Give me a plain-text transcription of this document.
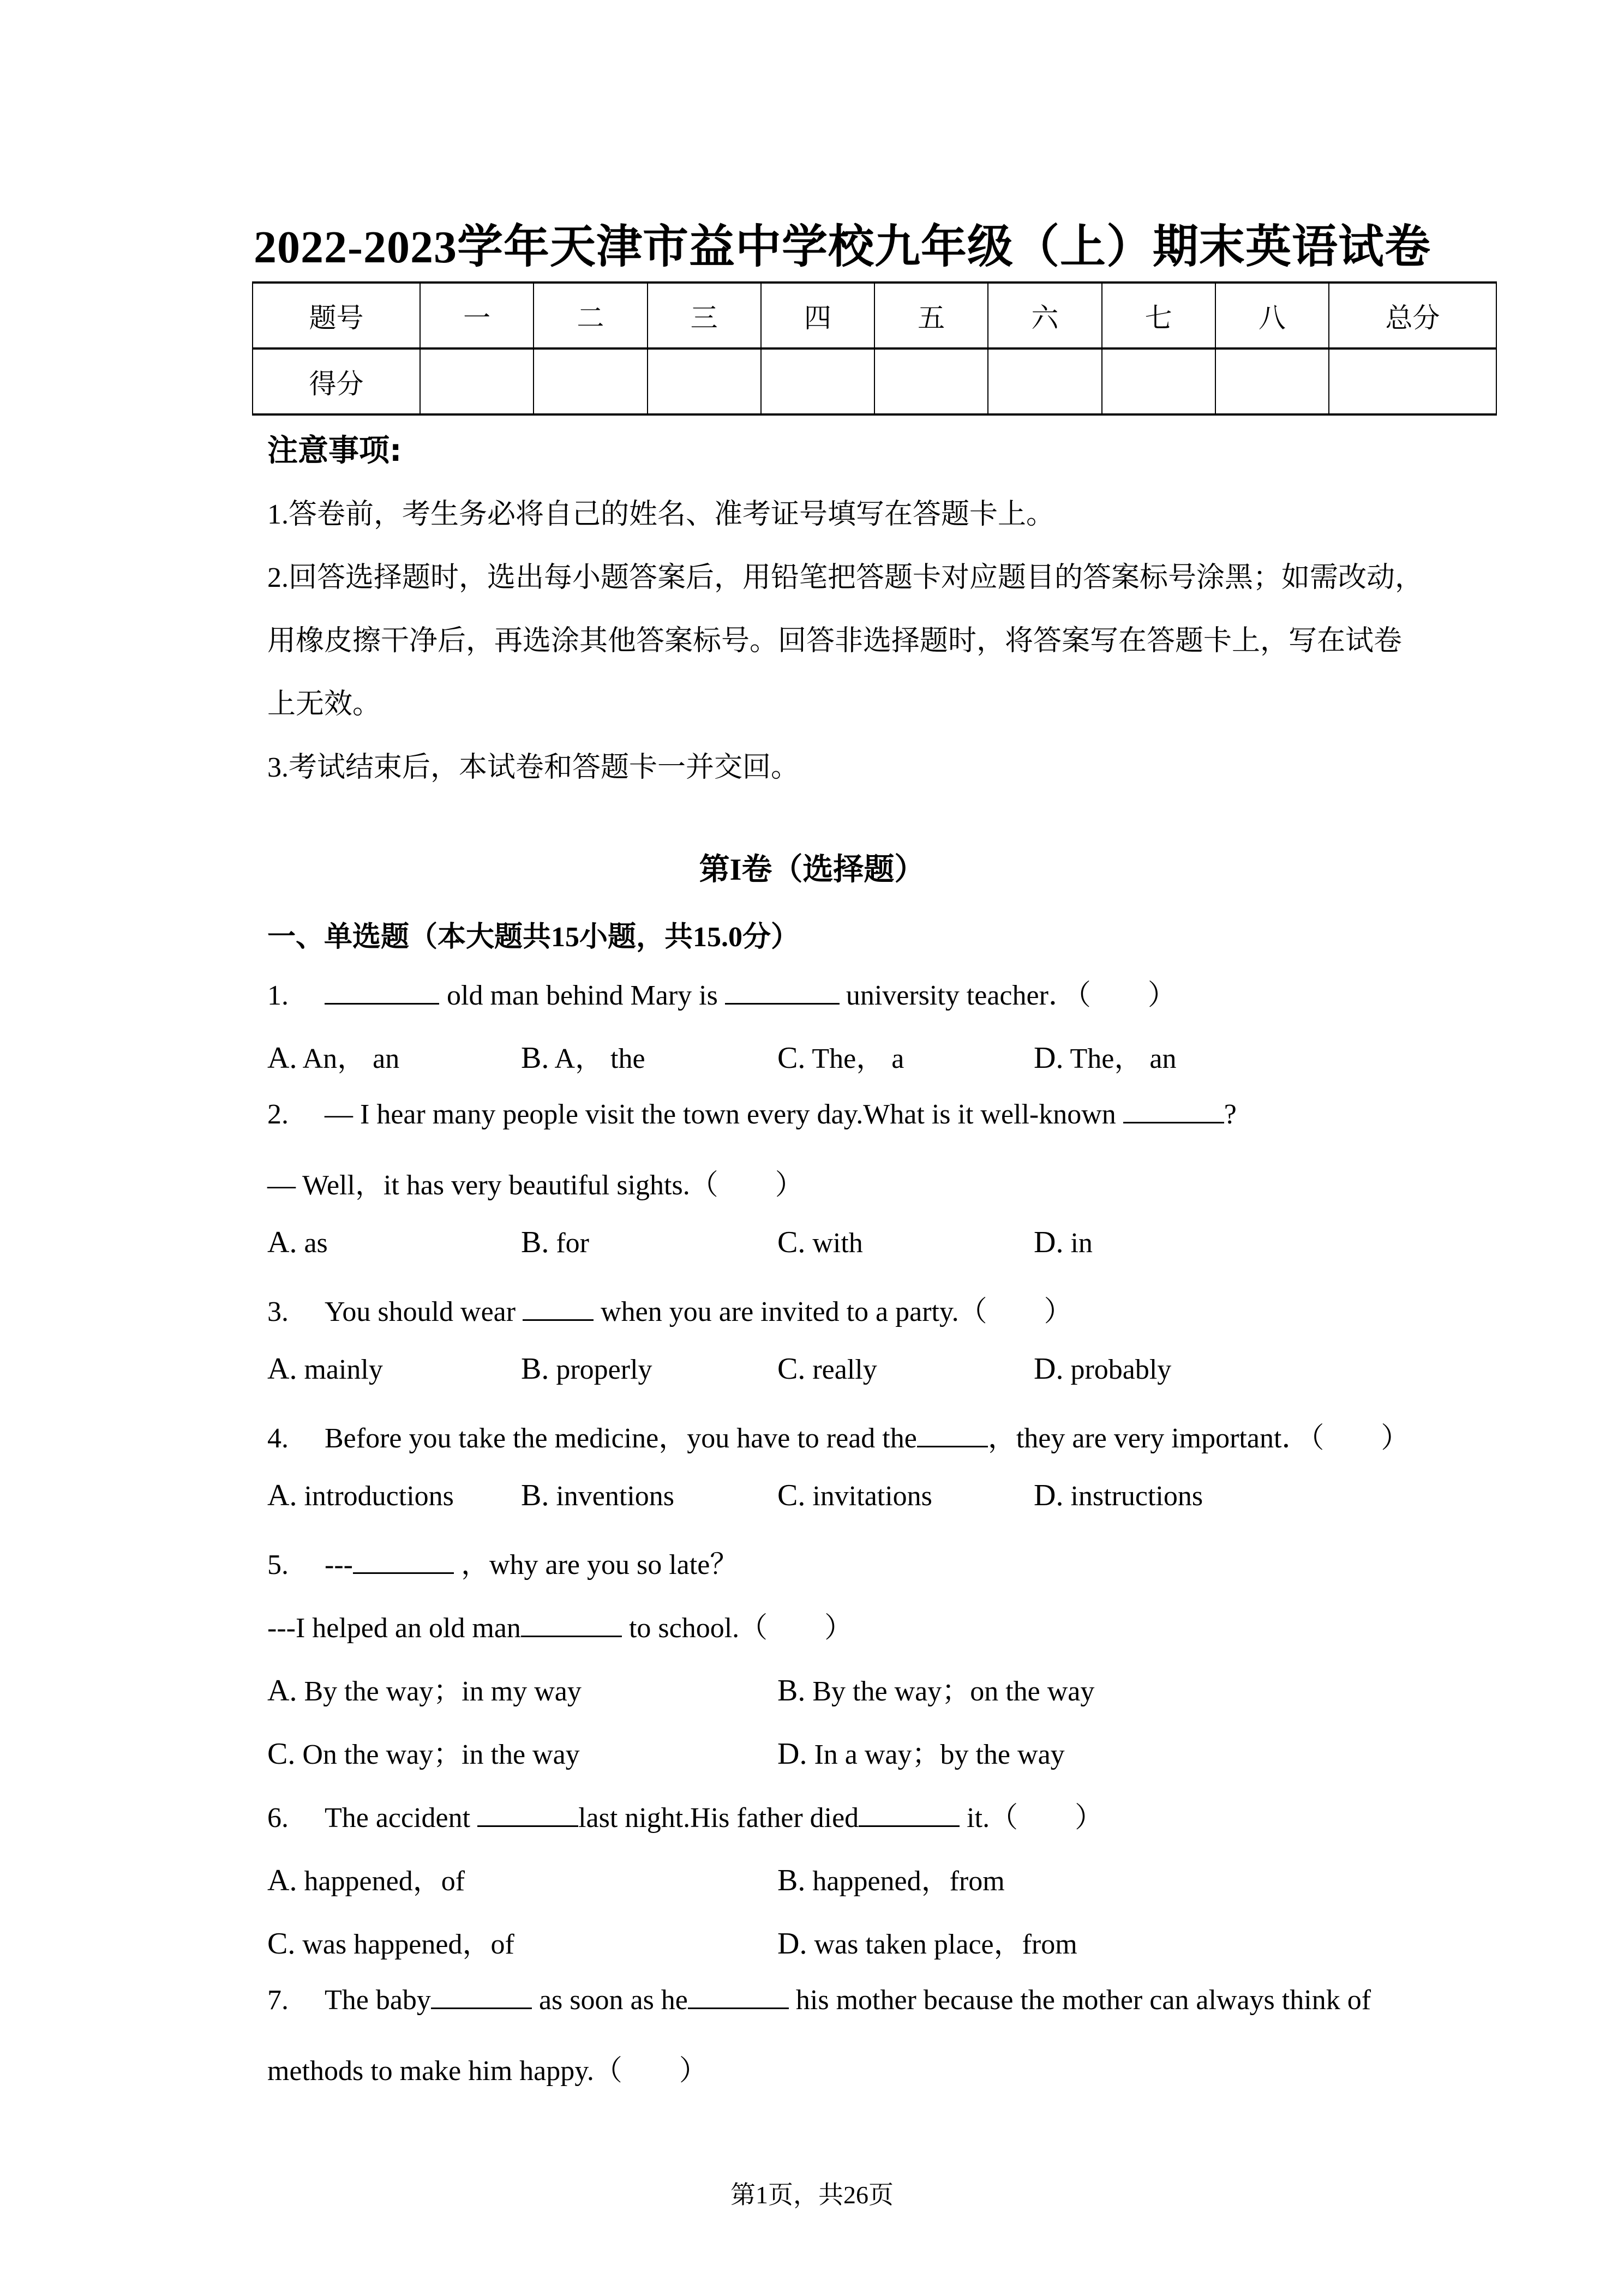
2022-2023学年天津市益中学校九年级（上）期末英语试卷
题号	一	二	三	四	五	六	七	八	总分
得分									
注意事项:
1.答卷前，考生务必将自己的姓名、准考证号填写在答题卡上。
2.回答选择题时，选出每小题答案后，用铅笔把答题卡对应题目的答案标号涂黑；如需改动，
用橡皮擦干净后，再选涂其他答案标号。回答非选择题时，将答案写在答题卡上，写在试卷
上无效。
3.考试结束后，本试卷和答题卡一并交回。
第I卷（选择题）
一、单选题（本大题共15小题，共15.0分）
1.	old man behind Mary is	university teacher．（　　）
A. An， an	B. A， the	C. The， a	D. The， an
2. — I hear many people visit the town every day.What is it well-known	?
— Well，it has very beautiful sights.（　　）
A. as	B. for	C. with	D. in
3. You should wear	when you are invited to a party.（　　）
A. mainly	B. properly	C. really	D. probably
4. Before you take the medicine，you have to read the	，they are very important．（　　）
A. introductions B. inventions	C. invitations	D. instructions
5. ---	，why are you so late？
---I helped an old man	to school.（　　）
A. By the way；in my way	B. By the way；on the way
C. On the way；in the way	D. In a way；by the way
6. The accident	last night.His father died	it.（　　）
A. happened，of	B. happened，from
C. was happened，of	D. was taken place，from
7. The baby	as soon as he	his mother because the mother can always think of
methods to make him happy.（　　）
第1页，共26页
